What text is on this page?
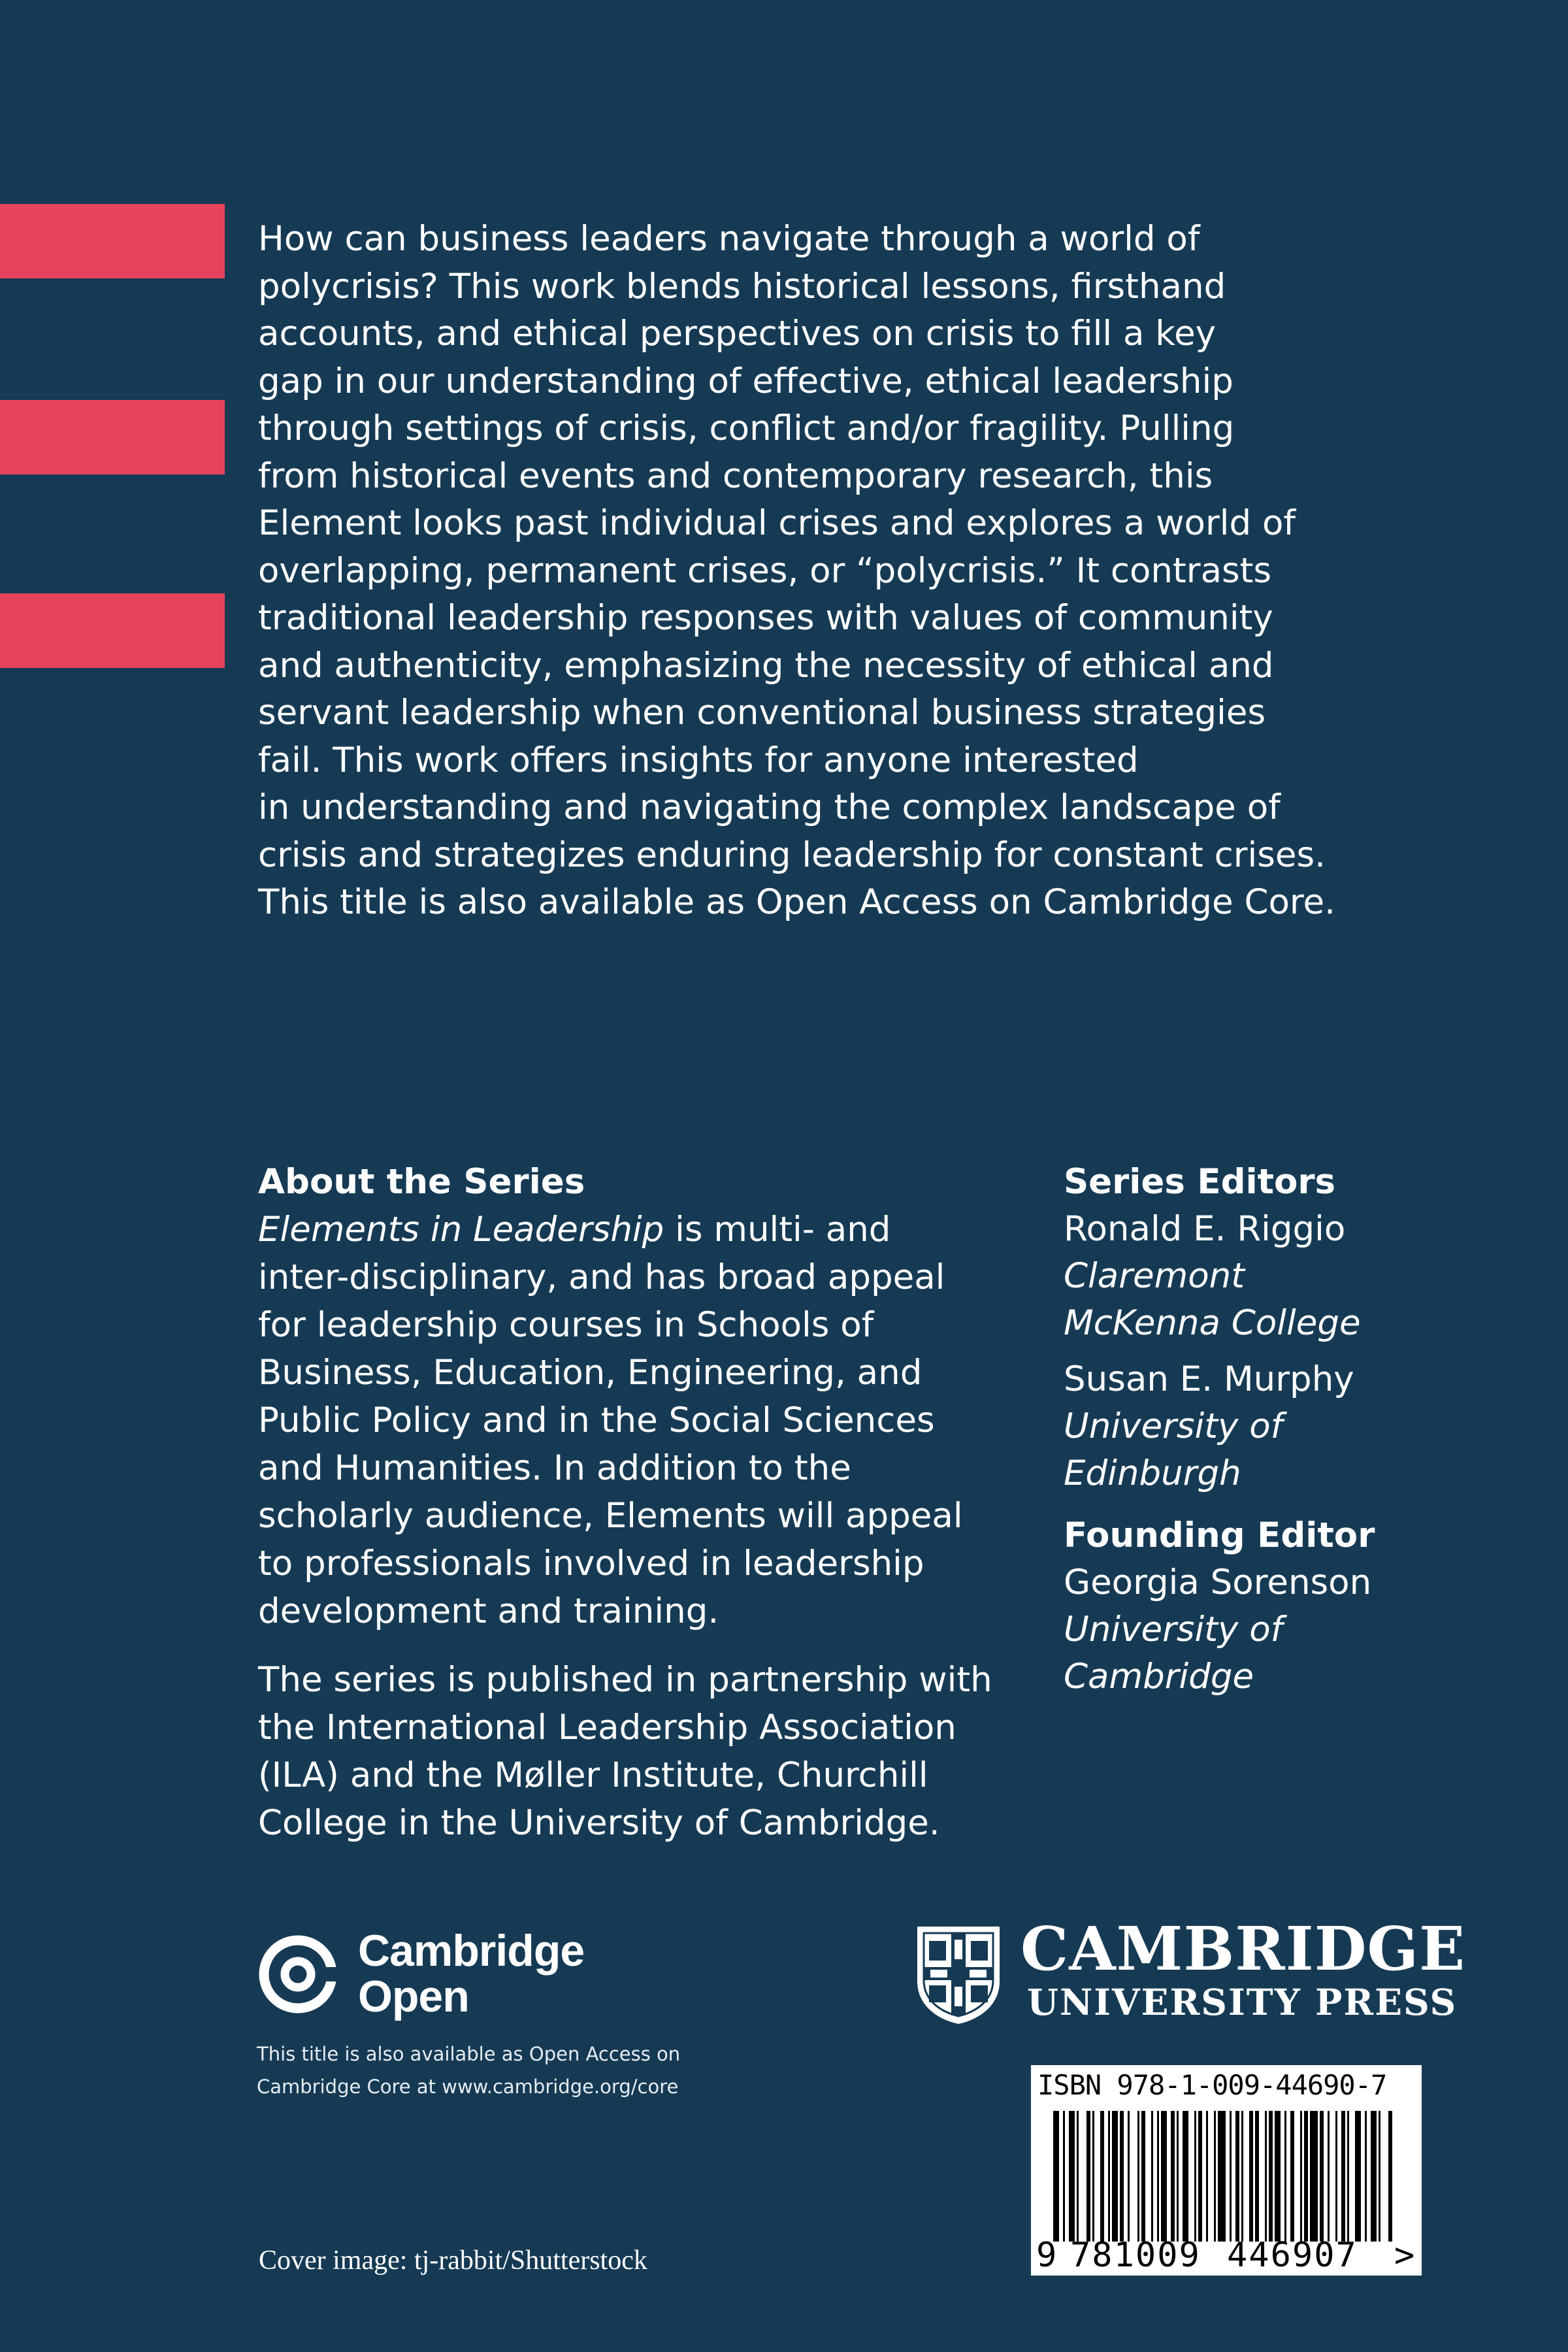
How can business leaders navigate through a world of

polycrisis? This work blends historical lessons, firsthand

accounts, and ethical perspectives on crisis to fill a key

gap in our understanding of effective, ethical leadership

through settings of crisis, conflict and/or fragility. Pulling

from historical events and contemporary research, this

Element looks past individual crises and explores a world of

overlapping, permanent crises, or “polycrisis.” It contrasts

traditional leadership responses with values of community

and authenticity, emphasizing the necessity of ethical and

servant leadership when conventional business strategies

fail. This work offers insights for anyone interested

in understanding and navigating the complex landscape of

crisis and strategizes enduring leadership for constant crises.

This title is also available as Open Access on Cambridge Core.

About the Series

Elements in Leadership is multi- and

inter-disciplinary, and has broad appeal

for leadership courses in Schools of

Business, Education, Engineering, and

Public Policy and in the Social Sciences

and Humanities. In addition to the

scholarly audience, Elements will appeal

to professionals involved in leadership

development and training.

The series is published in partnership with

the International Leadership Association

(ILA) and the Møller Institute, Churchill

College in the University of Cambridge.

Series Editors
Ronald E. Riggio
Claremont
McKenna College
Susan E. Murphy
University of
Edinburgh
Founding Editor
Georgia Sorenson
University of
Cambridge
Cambridge
Open
This title is also available as Open Access on
Cambridge Core at www.cambridge.org/core
CAMBRIDGE
UNIVERSITY PRESS
ISBN 978-1-009-44690-7
9 781009 446907 >
Cover image: tj-rabbit/Shutterstock
